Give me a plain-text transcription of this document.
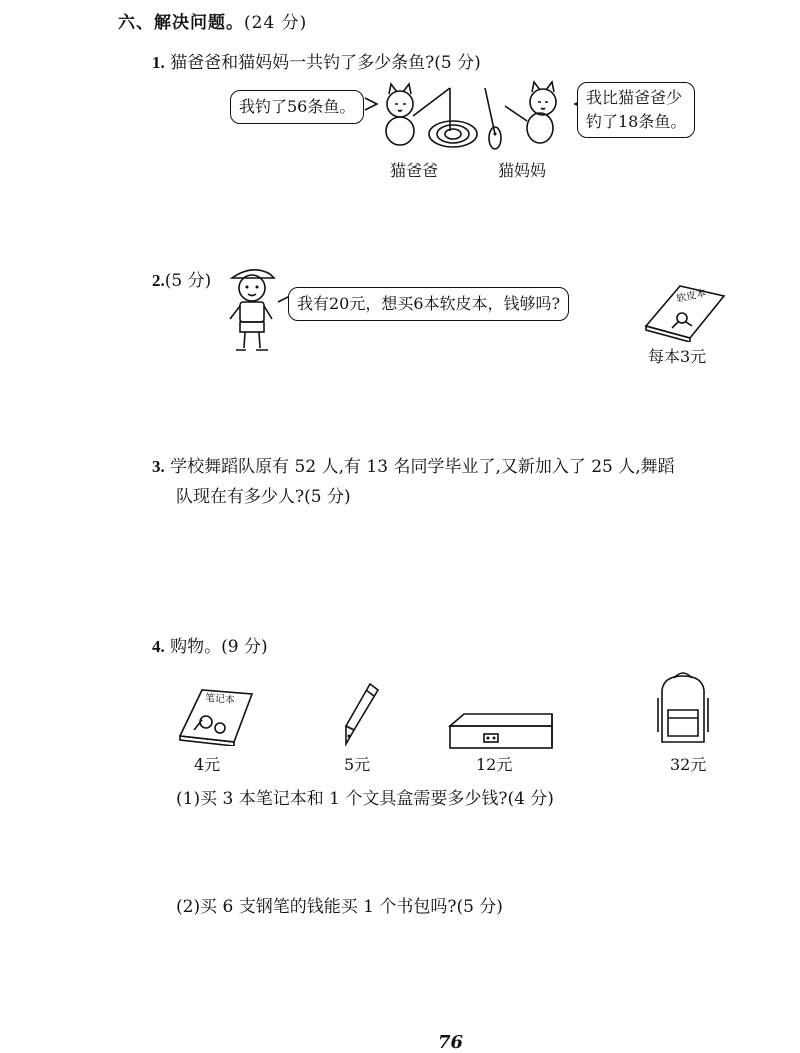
六、解决问题。(24 分)
1. 猫爸爸和猫妈妈一共钓了多少条鱼?(5 分)
我钓了56条鱼。	我比猫爸爸少
钓了18条鱼。
猫爸爸	猫妈妈
2.(5 分)
我有20元，想买6本软皮本，钱够吗?	软皮本
每本3元
3. 学校舞蹈队原有 52 人,有 13 名同学毕业了,又新加入了 25 人,舞蹈
队现在有多少人?(5 分)
4. 购物。(9 分)
笔记本
4元	5元	12元	32元
(1)买 3 本笔记本和 1 个文具盒需要多少钱?(4 分)
(2)买 6 支钢笔的钱能买 1 个书包吗?(5 分)
76
